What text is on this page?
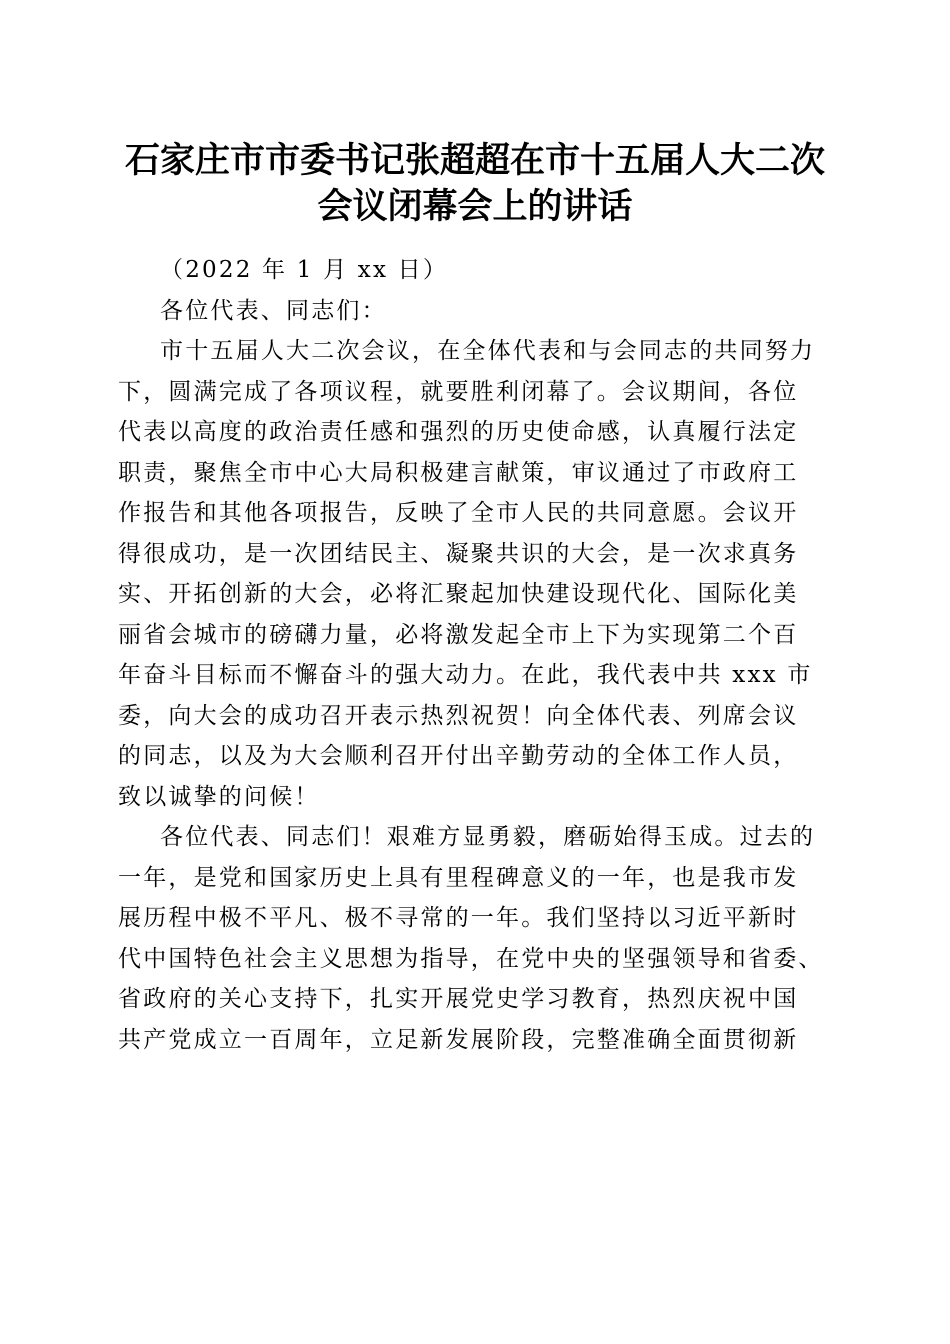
石家庄市市委书记张超超在市十五届人大二次
会议闭幕会上的讲话
（2022 年 1 月 xx 日）
各位代表、同志们：
市十五届人大二次会议，在全体代表和与会同志的共同努力
下，圆满完成了各项议程，就要胜利闭幕了。会议期间，各位
代表以高度的政治责任感和强烈的历史使命感，认真履行法定
职责，聚焦全市中心大局积极建言献策，审议通过了市政府工
作报告和其他各项报告，反映了全市人民的共同意愿。会议开
得很成功，是一次团结民主、凝聚共识的大会，是一次求真务
实、开拓创新的大会，必将汇聚起加快建设现代化、国际化美
丽省会城市的磅礴力量，必将激发起全市上下为实现第二个百
年奋斗目标而不懈奋斗的强大动力。在此，我代表中共 xxx 市
委，向大会的成功召开表示热烈祝贺！向全体代表、列席会议
的同志，以及为大会顺利召开付出辛勤劳动的全体工作人员，
致以诚挚的问候！
各位代表、同志们！艰难方显勇毅，磨砺始得玉成。过去的
一年，是党和国家历史上具有里程碑意义的一年，也是我市发
展历程中极不平凡、极不寻常的一年。我们坚持以习近平新时
代中国特色社会主义思想为指导，在党中央的坚强领导和省委、
省政府的关心支持下，扎实开展党史学习教育，热烈庆祝中国
共产党成立一百周年，立足新发展阶段，完整准确全面贯彻新
